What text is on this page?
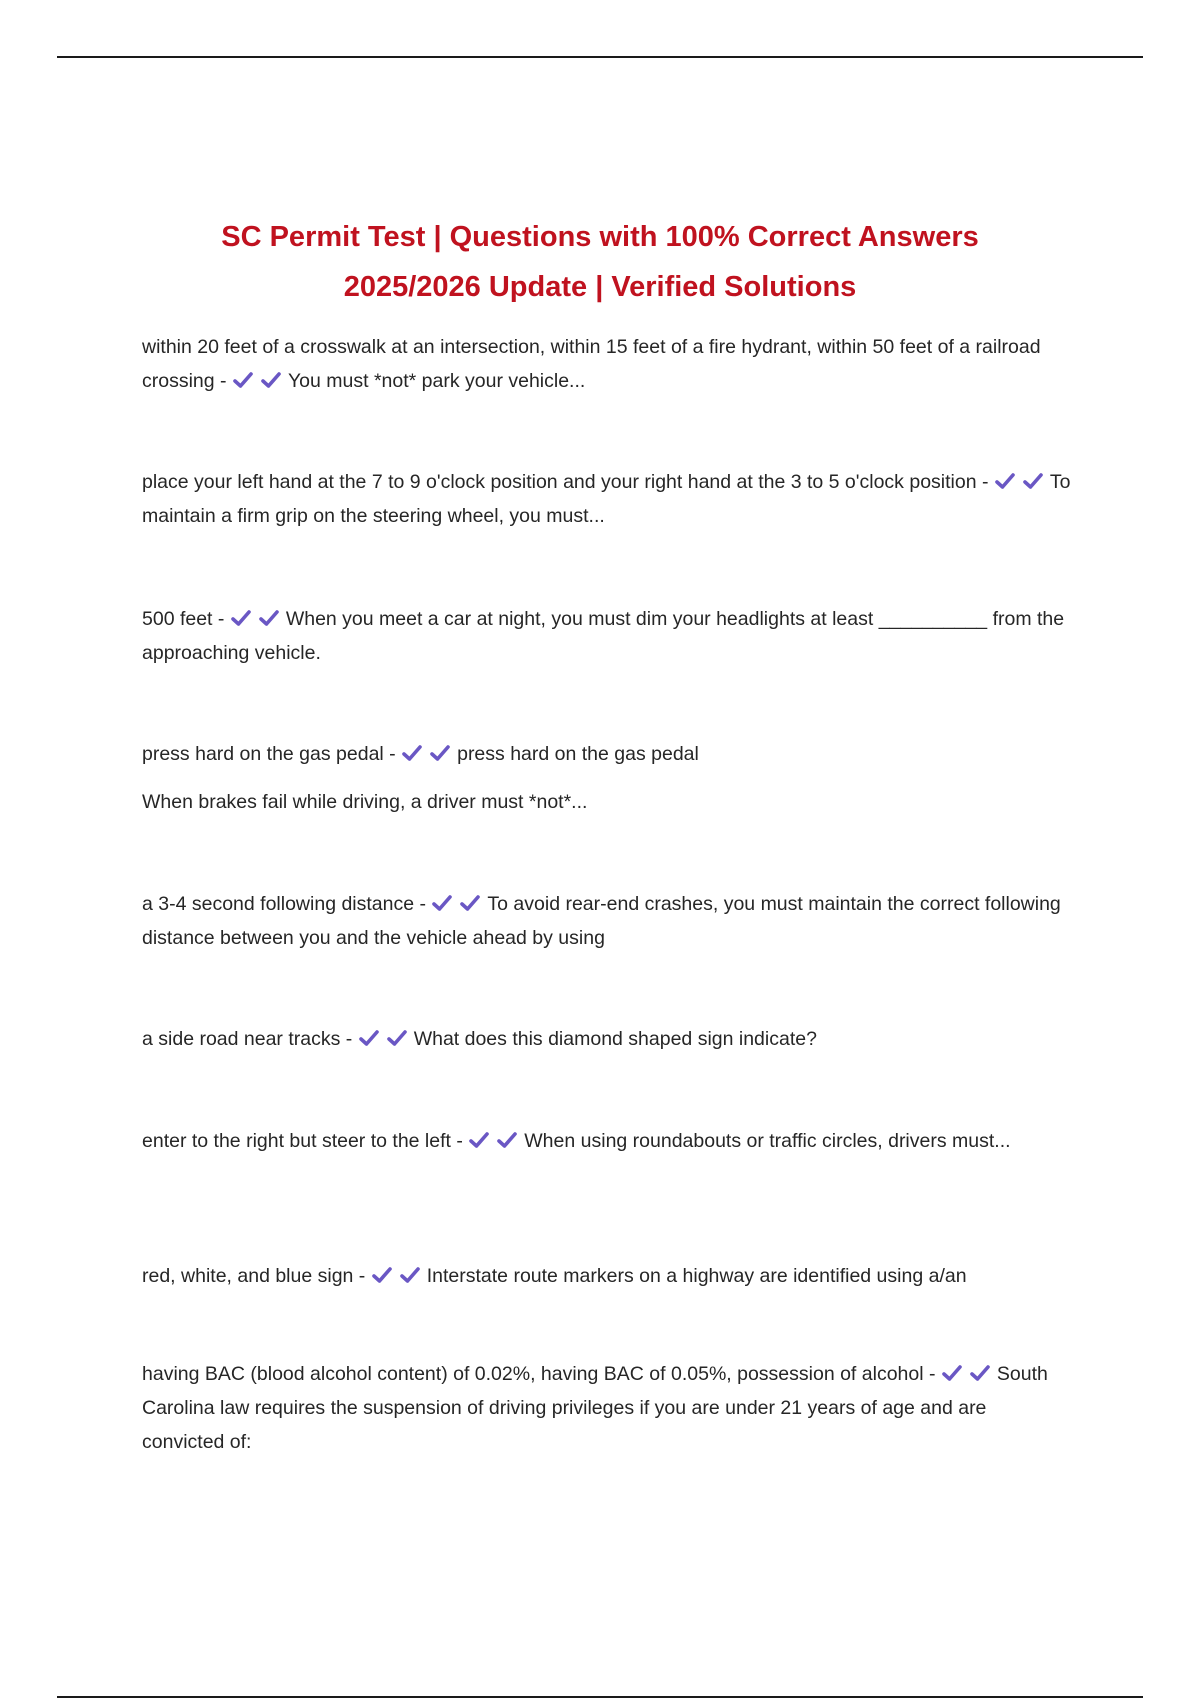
SC Permit Test | Questions with 100% Correct Answers
2025/2026 Update | Verified Solutions
within 20 feet of a crosswalk at an intersection, within 15 feet of a fire hydrant, within 50 feet of a railroad crossing -	You must *not* park your vehicle...
place your left hand at the 7 to 9 o'clock position and your right hand at the 3 to 5 o'clock position -	To maintain a firm grip on the steering wheel, you must...
500 feet -	When you meet a car at night, you must dim your headlights at least __________ from the approaching vehicle.
press hard on the gas pedal -	press hard on the gas pedal
When brakes fail while driving, a driver must *not*...
a 3-4 second following distance -	To avoid rear-end crashes, you must maintain the correct following distance between you and the vehicle ahead by using
a side road near tracks -	What does this diamond shaped sign indicate?
enter to the right but steer to the left -	When using roundabouts or traffic circles, drivers must...
red, white, and blue sign -	Interstate route markers on a highway are identified using a/an
having BAC (blood alcohol content) of 0.02%, having BAC of 0.05%, possession of alcohol -	South Carolina law requires the suspension of driving privileges if you are under 21 years of age and are convicted of:
